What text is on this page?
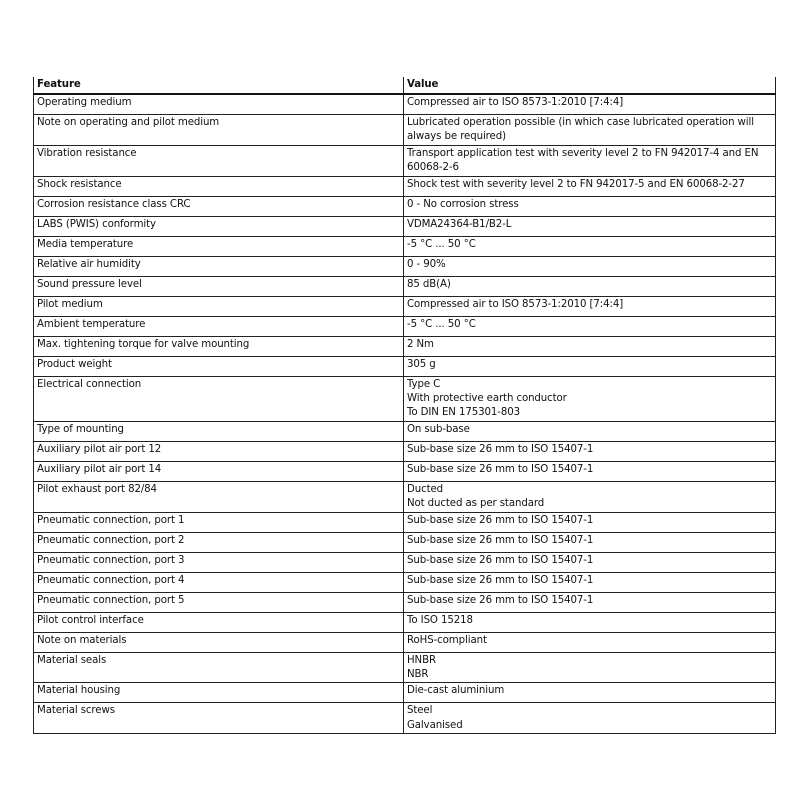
Feature	Value
Operating medium	Compressed air to ISO 8573-1:2010 [7:4:4]
Note on operating and pilot medium	Lubricated operation possible (in which case lubricated operation will
always be required)
Vibration resistance	Transport application test with severity level 2 to FN 942017-4 and EN
60068-2-6
Shock resistance	Shock test with severity level 2 to FN 942017-5 and EN 60068-2-27
Corrosion resistance class CRC	0 - No corrosion stress
LABS (PWIS) conformity	VDMA24364-B1/B2-L
Media temperature	-5 °C ... 50 °C
Relative air humidity	0 - 90%
Sound pressure level	85 dB(A)
Pilot medium	Compressed air to ISO 8573-1:2010 [7:4:4]
Ambient temperature	-5 °C ... 50 °C
Max. tightening torque for valve mounting	2 Nm
Product weight	305 g
Electrical connection	Type C
With protective earth conductor
To DIN EN 175301-803
Type of mounting	On sub-base
Auxiliary pilot air port 12	Sub-base size 26 mm to ISO 15407-1
Auxiliary pilot air port 14	Sub-base size 26 mm to ISO 15407-1
Pilot exhaust port 82/84	Ducted
Not ducted as per standard
Pneumatic connection, port 1	Sub-base size 26 mm to ISO 15407-1
Pneumatic connection, port 2	Sub-base size 26 mm to ISO 15407-1
Pneumatic connection, port 3	Sub-base size 26 mm to ISO 15407-1
Pneumatic connection, port 4	Sub-base size 26 mm to ISO 15407-1
Pneumatic connection, port 5	Sub-base size 26 mm to ISO 15407-1
Pilot control interface	To ISO 15218
Note on materials	RoHS-compliant
Material seals	HNBR
NBR
Material housing	Die-cast aluminium
Material screws	Steel
Galvanised
